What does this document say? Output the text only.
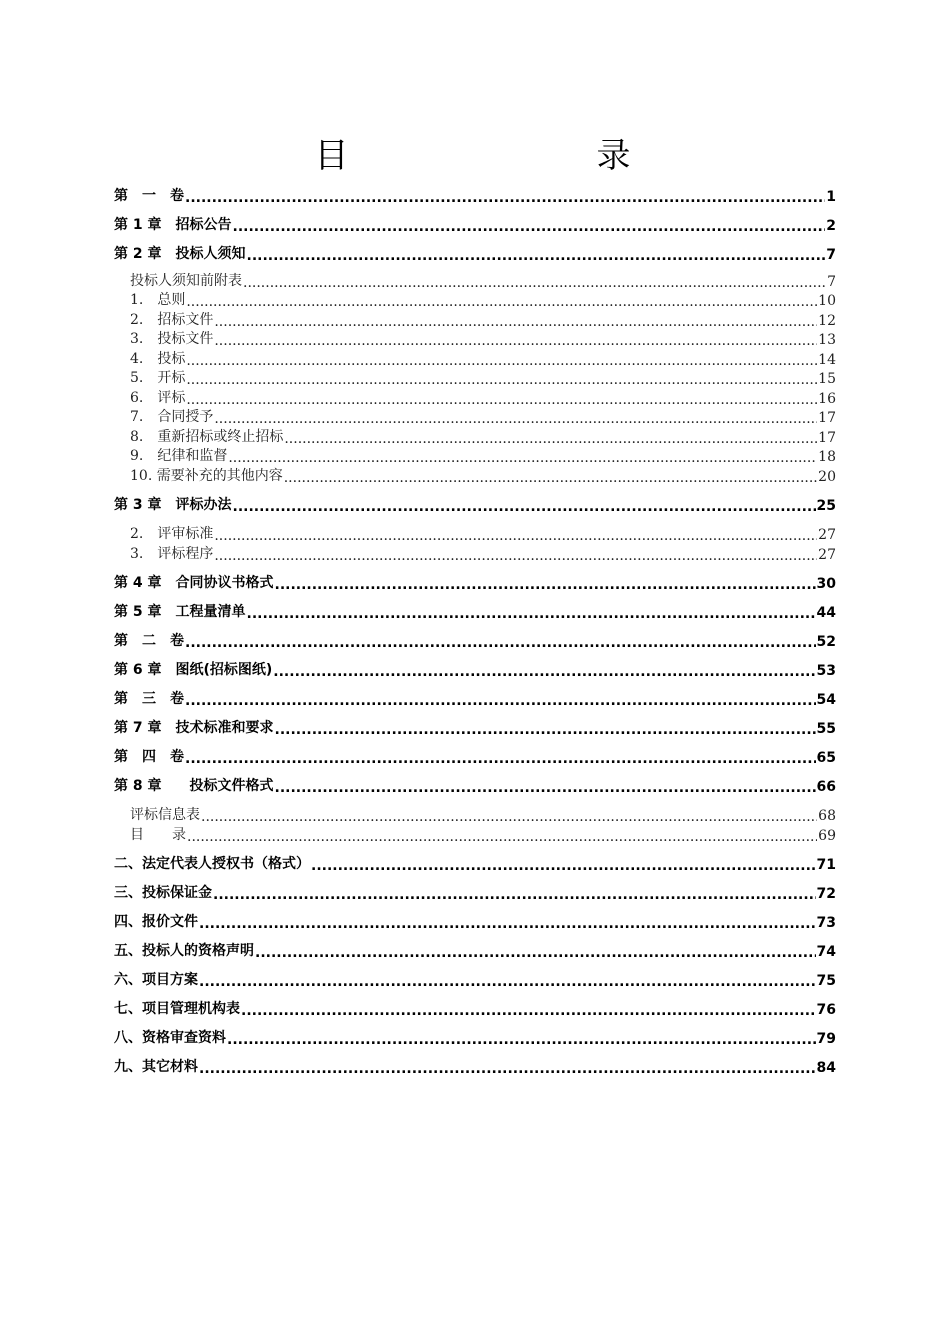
目　　录
第　一　卷 .....	1
第 1 章　招标公告 .....	2
第 2 章　投标人须知 .....	7
投标人须知前附表 .....	7
1.　总则 .....	10
2.　招标文件 .....	12
3.　投标文件 .....	13
4.　投标 .....	14
5.　开标 .....	15
6.　评标 .....	16
7.　合同授予 .....	17
8.　重新招标或终止招标 .....	17
9.　纪律和监督 .....	18
10. 需要补充的其他内容 .....	20
第 3 章　评标办法 .....	25
2.　评审标准 .....	27
3.　评标程序 .....	27
第 4 章　合同协议书格式 .....	30
第 5 章　工程量清单 .....	44
第　二　卷 .....	52
第 6 章　图纸(招标图纸) .....	53
第　三　卷 .....	54
第 7 章　技术标准和要求 .....	55
第　四　卷 .....	65
第 8 章　　投标文件格式 .....	66
评标信息表 .....	68
目　　录 .....	69
二、法定代表人授权书（格式） .....	71
三、投标保证金 .....	72
四、报价文件 .....	73
五、投标人的资格声明 .....	74
六、项目方案 .....	75
七、项目管理机构表 .....	76
八、资格审查资料 .....	79
九、其它材料 .....	84
